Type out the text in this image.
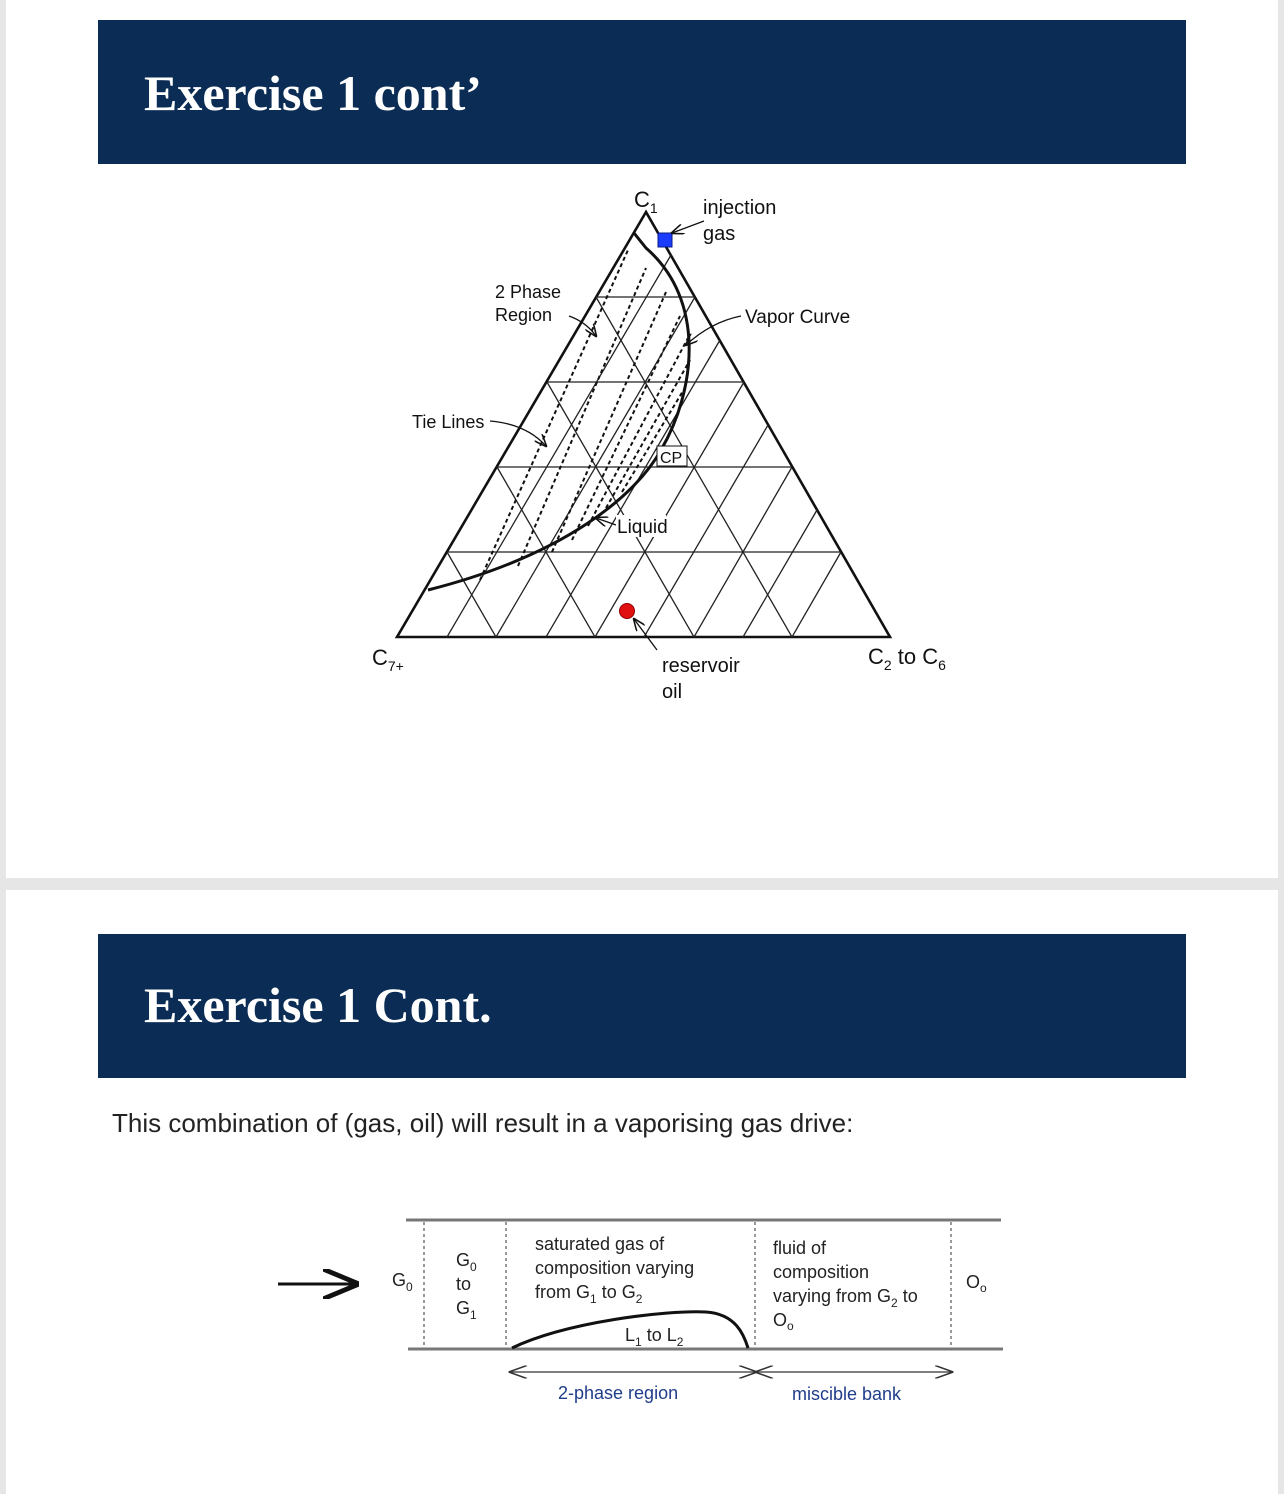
Exercise 1 cont’
CP
Liquid
$C_1$
$C_{7+}$	$C_2$ to $C_6$
injection gas
2 Phase Region	Vapor Curve
Tie Lines
reservoir oil
Exercise 1 Cont.
This combination of (gas, oil) will result in a vaporising gas drive:
$G_0$
$G_0$ to $G_1$
saturated gas of composition varying from $G_1$ to $G_2$
$L_1$ to $L_2$
fluid of composition varying from $G_2$ to $O_o$
$O_o$
2-phase region	miscible bank
